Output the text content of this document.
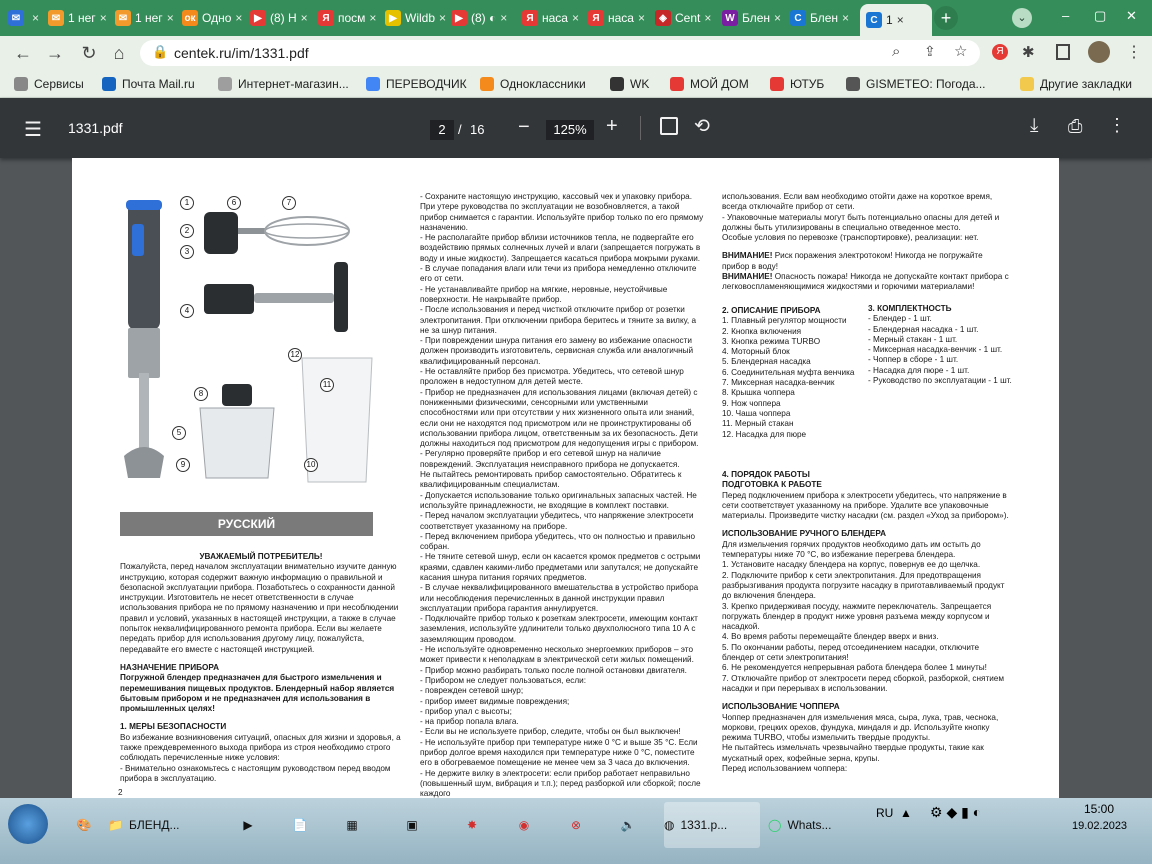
✉ ×	✉ 1 нег ×	✉ 1 нег × ок Одно ×	▶ (8) Н ×	Я посм ×	▶ Wildb × ▶ (8) ◐ ×	Я наса ×	Я наса ×	◈ Cent ×	W Блен ×	C Блен ×	C 1 ×	+	⌄	– ▢ ✕
← → ↻ ⌂	🔒 centek.ru/im/1331.pdf	⌕ ⇪ ☆	Я ✱	⋮
Сервисы	Почта Mail.ru	Интернет-магазин...	ПЕРЕВОДЧИК	Одноклассники	WK	МОЙ ДОМ	ЮТУБ	GISMETEO: Погода...	Другие закладки
☰ 1331.pdf	2 / 16 −	125% +	⟲	⤓ ⎙ ⋮
1
2
3
4
5
6	7
8
9	10
11
12
РУССКИЙ

УВАЖАЕМЫЙ ПОТРЕБИТЕЛЬ!

Пожалуйста, перед началом эксплуатации внимательно изучите данную инструкцию, которая содержит важную информацию о правильной и безопасной эксплуатации прибора. Позаботьтесь о сохранности данной инструкции. Изготовитель не несет ответственности в случае использования прибора не по прямому назначению и при несоблюдении правил и условий, указанных в настоящей инструкции, а также в случае попыток неквалифицированного ремонта прибора. Если вы желаете передать прибор для использования другому лицу, пожалуйста, передавайте его вместе с настоящей инструкцией.

НАЗНАЧЕНИЕ ПРИБОРА

Погружной блендер предназначен для быстрого измельчения и перемешивания пищевых продуктов. Блендерный набор является бытовым прибором и не предназначен для использования в промышленных целях!

1. МЕРЫ БЕЗОПАСНОСТИ

Во избежание возникновения ситуаций, опасных для жизни и здоровья, а также преждевременного выхода прибора из строя необходимо строго соблюдать перечисленные ниже условия:

- Внимательно ознакомьтесь с настоящим руководством перед вводом прибора в эксплуатацию.

2

- Сохраните настоящую инструкцию, кассовый чек и упаковку прибора. При утере руководства по эксплуатации не возобновляется, а такой прибор снимается с гарантии. Используйте прибор только по его прямому назначению.

- Не располагайте прибор вблизи источников тепла, не подвергайте его воздействию прямых солнечных лучей и влаги (запрещается погружать в воду и иные жидкости). Запрещается касаться прибора мокрыми руками.

- В случае попадания влаги или течи из прибора немедленно отключите его от сети.

- Не устанавливайте прибор на мягкие, неровные, неустойчивые поверхности. Не накрывайте прибор.

- После использования и перед чисткой отключите прибор от розетки электропитания. При отключении прибора беритесь и тяните за вилку, а не за шнур питания.

- При повреждении шнура питания его замену во избежание опасности должен производить изготовитель, сервисная служба или аналогичный квалифицированный персонал.

- Не оставляйте прибор без присмотра. Убедитесь, что сетевой шнур проложен в недоступном для детей месте.

- Прибор не предназначен для использования лицами (включая детей) с пониженными физическими, сенсорными или умственными способностями или при отсутствии у них жизненного опыта или знаний, если они не находятся под присмотром или не проинструктированы об использовании прибора лицом, ответственным за их безопасность. Дети должны находиться под присмотром для недопущения игры с прибором.

- Регулярно проверяйте прибор и его сетевой шнур на наличие повреждений. Эксплуатация неисправного прибора не допускается.

Не пытайтесь ремонтировать прибор самостоятельно. Обратитесь к квалифицированным специалистам.

- Допускается использование только оригинальных запасных частей. Не используйте принадлежности, не входящие в комплект поставки.

- Перед началом эксплуатации убедитесь, что напряжение электросети соответствует указанному на приборе.

- Перед включением прибора убедитесь, что он полностью и правильно собран.

- Не тяните сетевой шнур, если он касается кромок предметов с острыми краями, сдавлен какими-либо предметами или запутался; не допускайте касания шнура питания горячих предметов.

- В случае неквалифицированного вмешательства в устройство прибора или несоблюдения перечисленных в данной инструкции правил эксплуатации прибора гарантия аннулируется.

- Подключайте прибор только к розеткам электросети, имеющим контакт заземления, используйте удлинители только двухполюсного типа 10 А с заземляющим проводом.

- Не используйте одновременно несколько энергоемких приборов – это может привести к неполадкам в электрической сети жилых помещений.

- Прибор можно разбирать только после полной остановки двигателя.

- Прибором не следует пользоваться, если:

- поврежден сетевой шнур;

- прибор имеет видимые повреждения;

- прибор упал с высоты;

- на прибор попала влага.

- Если вы не используете прибор, следите, чтобы он был выключен!

- Не используйте прибор при температуре ниже 0 °С и выше 35 °С. Если прибор долгое время находился при температуре ниже 0 °С, поместите его в обогреваемое помещение не менее чем за 3 часа до включения.

- Не держите вилку в электросети: если прибор работает неправильно (повышенный шум, вибрация и т.п.); перед разборкой или сборкой; после каждого

использования. Если вам необходимо отойти даже на короткое время, всегда отключайте прибор от сети.

- Упаковочные материалы могут быть потенциально опасны для детей и должны быть утилизированы в специально отведенное место.

Особые условия по перевозке (транспортировке), реализации: нет.

ВНИМАНИЕ! Риск поражения электротоком! Никогда не погружайте прибор в воду!

ВНИМАНИЕ! Опасность пожара! Никогда не допускайте контакт прибора с легковоспламеняющимися жидкостями и горючими материалами!

2. ОПИСАНИЕ ПРИБОРА

1. Плавный регулятор мощности

2. Кнопка включения

3. Кнопка режима TURBO

4. Моторный блок

5. Блендерная насадка

6. Соединительная муфта венчика

7. Миксерная насадка-венчик

8. Крышка чоппера

9. Нож чоппера

10. Чаша чоппера

11. Мерный стакан

12. Насадка для пюре

3. КОМПЛЕКТНОСТЬ

- Блендер - 1 шт.

- Блендерная насадка - 1 шт.

- Мерный стакан - 1 шт.

- Миксерная насадка-венчик - 1 шт.

- Чоппер в сборе - 1 шт.

- Насадка для пюре - 1 шт.

- Руководство по эксплуатации - 1 шт.

4. ПОРЯДОК РАБОТЫ

ПОДГОТОВКА К РАБОТЕ

Перед подключением прибора к электросети убедитесь, что напряжение в сети соответствует указанному на приборе. Удалите все упаковочные материалы. Произведите чистку насадки (см. раздел «Уход за прибором»).

ИСПОЛЬЗОВАНИЕ РУЧНОГО БЛЕНДЕРА

Для измельчения горячих продуктов необходимо дать им остыть до температуры ниже 70 °С, во избежание перегрева блендера.

1. Установите насадку блендера на корпус, повернув ее до щелчка.

2. Подключите прибор к сети электропитания. Для предотвращения разбрызгивания продукта погрузите насадку в приготавливаемый продукт до включения блендера.

3. Крепко придерживая посуду, нажмите переключатель. Запрещается погружать блендер в продукт ниже уровня разъема между корпусом и насадкой.

4. Во время работы перемещайте блендер вверх и вниз.

5. По окончании работы, перед отсоединением насадки, отключите блендер от сети электропитания!

6. Не рекомендуется непрерывная работа блендера более 1 минуты!

7. Отключайте прибор от электросети перед сборкой, разборкой, снятием насадки и при перерывах в использовании.

ИСПОЛЬЗОВАНИЕ ЧОППЕРА

Чоппер предназначен для измельчения мяса, сыра, лука, трав, чеснока, моркови, грецких орехов, фундука, миндаля и др. Используйте кнопку режима TURBO, чтобы измельчить твердые продукты.

Не пытайтесь измельчать чрезвычайно твердые продукты, такие как мускатный орех, кофейные зерна, крупы.

Перед использованием чоппера:

🎨	📁 БЛЕНД...	▶	📄	▦	▣	✸	◉	⊗	🔈	◍ 1331.p...	◯ Whats...
RU ▲ ⚙ ◆ ▮ ◐	15:00
19.02.2023
